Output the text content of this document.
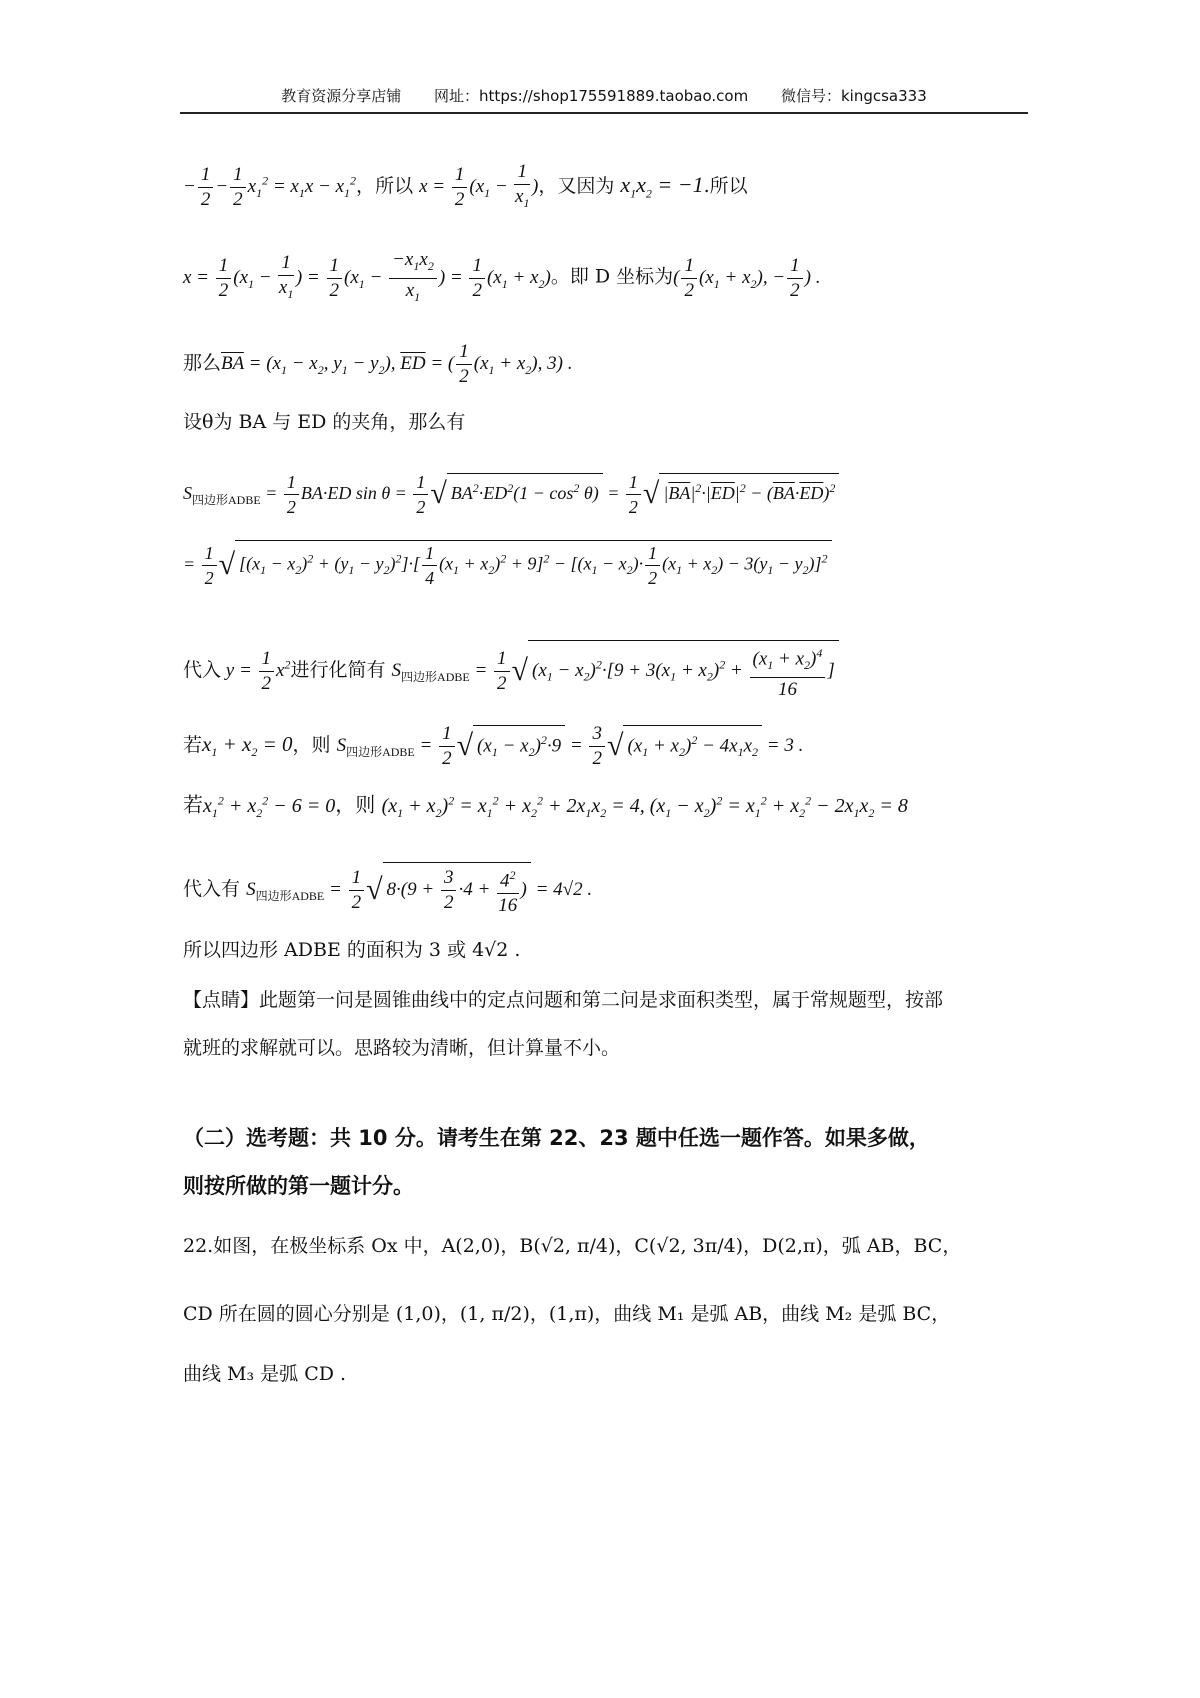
教育资源分享店铺 网址：https://shop175591889.taobao.com 微信号：kingcsa333
− $\frac{1}{2} - \frac{1}{2} x_1^2 = x_1x - x_1^2$，所以 $x = \frac{1}{2} (x_1 - \frac{1}{x_1}$ )，又因为 $x_1x_2 = -1$.所以
$x = \frac{1}{2} (x_1 - \frac{1}{x_1}$ ) = $\frac{1}{2} (x_1 - \frac{-x_1x_2}{x_1}$ ) = $\frac{1}{2} (x_1 + x_2)$。即 D 坐标为( $\frac{1}{2} (x_1 + x_2)$, − $\frac{1}{2}$ ) .
那么$\overline{BA} = (x_1 - x_2$, $y_1 - y_2$), $\overline{ED}$ = ( $\frac{1}{2} (x_1 + x_2)$, 3) .
设θ为 BA 与 ED 的夹角，那么有
$S_{四边形ADBE} = \frac{1}{2} BA\cdot ED$ $\sin \theta = \frac{1}{2}$ √ $BA^2\cdot ED^2(1 - \cos^2 \theta) = \frac{1}{2}$ √ $|\overline{BA}|^2\cdot|\overline{ED}|^2 - (\overline{BA}\cdot\overline{ED})^2$
= $\frac{1}{2}$ √ $[(x_1 - x_2)^2 + (y_1 - y_2)^2]\cdot[ \frac{1}{4} (x_1 + x_2)^2 + 9]^2 - [(x_1 - x_2)\cdot \frac{1}{2} (x_1 + x_2) - 3(y_1 - y_2)]^2$
代入 $y = \frac{1}{2} x^2$进行化简有 $S_{四边形ADBE} = \frac{1}{2}$ √ $(x_1 - x_2)^2\cdot[9 + 3(x_1 + x_2)^2 + \frac{(x_1 + x_2)^4}{16}$ ]
若$x_1 + x_2 = 0$，则 $S_{四边形ADBE} = \frac{1}{2}$ √ $(x_1 - x_2)^2\cdot 9 = \frac{3}{2}$ √ $(x_1 + x_2)^2 - 4x_1x_2 = 3$ .
若$x_1^2 + x_2^2 - 6 = 0$，则 $(x_1 + x_2)^2 = x_1^2 + x_2^2 + 2x_1x_2 = 4$, $(x_1 - x_2)^2 = x_1^2 + x_2^2 - 2x_1x_2 = 8$
代入有 $S_{四边形ADBE} = \frac{1}{2}$ √ $8\cdot(9 + \frac{3}{2} \cdot 4 + \frac{4^2}{16}$ ) = 4√2 .
所以四边形 ADBE 的面积为 3 或 4√2 .
【点睛】此题第一问是圆锥曲线中的定点问题和第二问是求面积类型，属于常规题型，按部
就班的求解就可以。思路较为清晰，但计算量不小。
（二）选考题：共 10 分。请考生在第 22、23 题中任选一题作答。如果多做，
则按所做的第一题计分。
22.如图，在极坐标系 Ox 中，A(2,0)，B(√2, π/4)，C(√2, 3π/4)，D(2,π)，弧 AB，BC，
CD 所在圆的圆心分别是 (1,0)，(1, π/2)，(1,π)，曲线 M₁ 是弧 AB，曲线 M₂ 是弧 BC，
曲线 M₃ 是弧 CD .
